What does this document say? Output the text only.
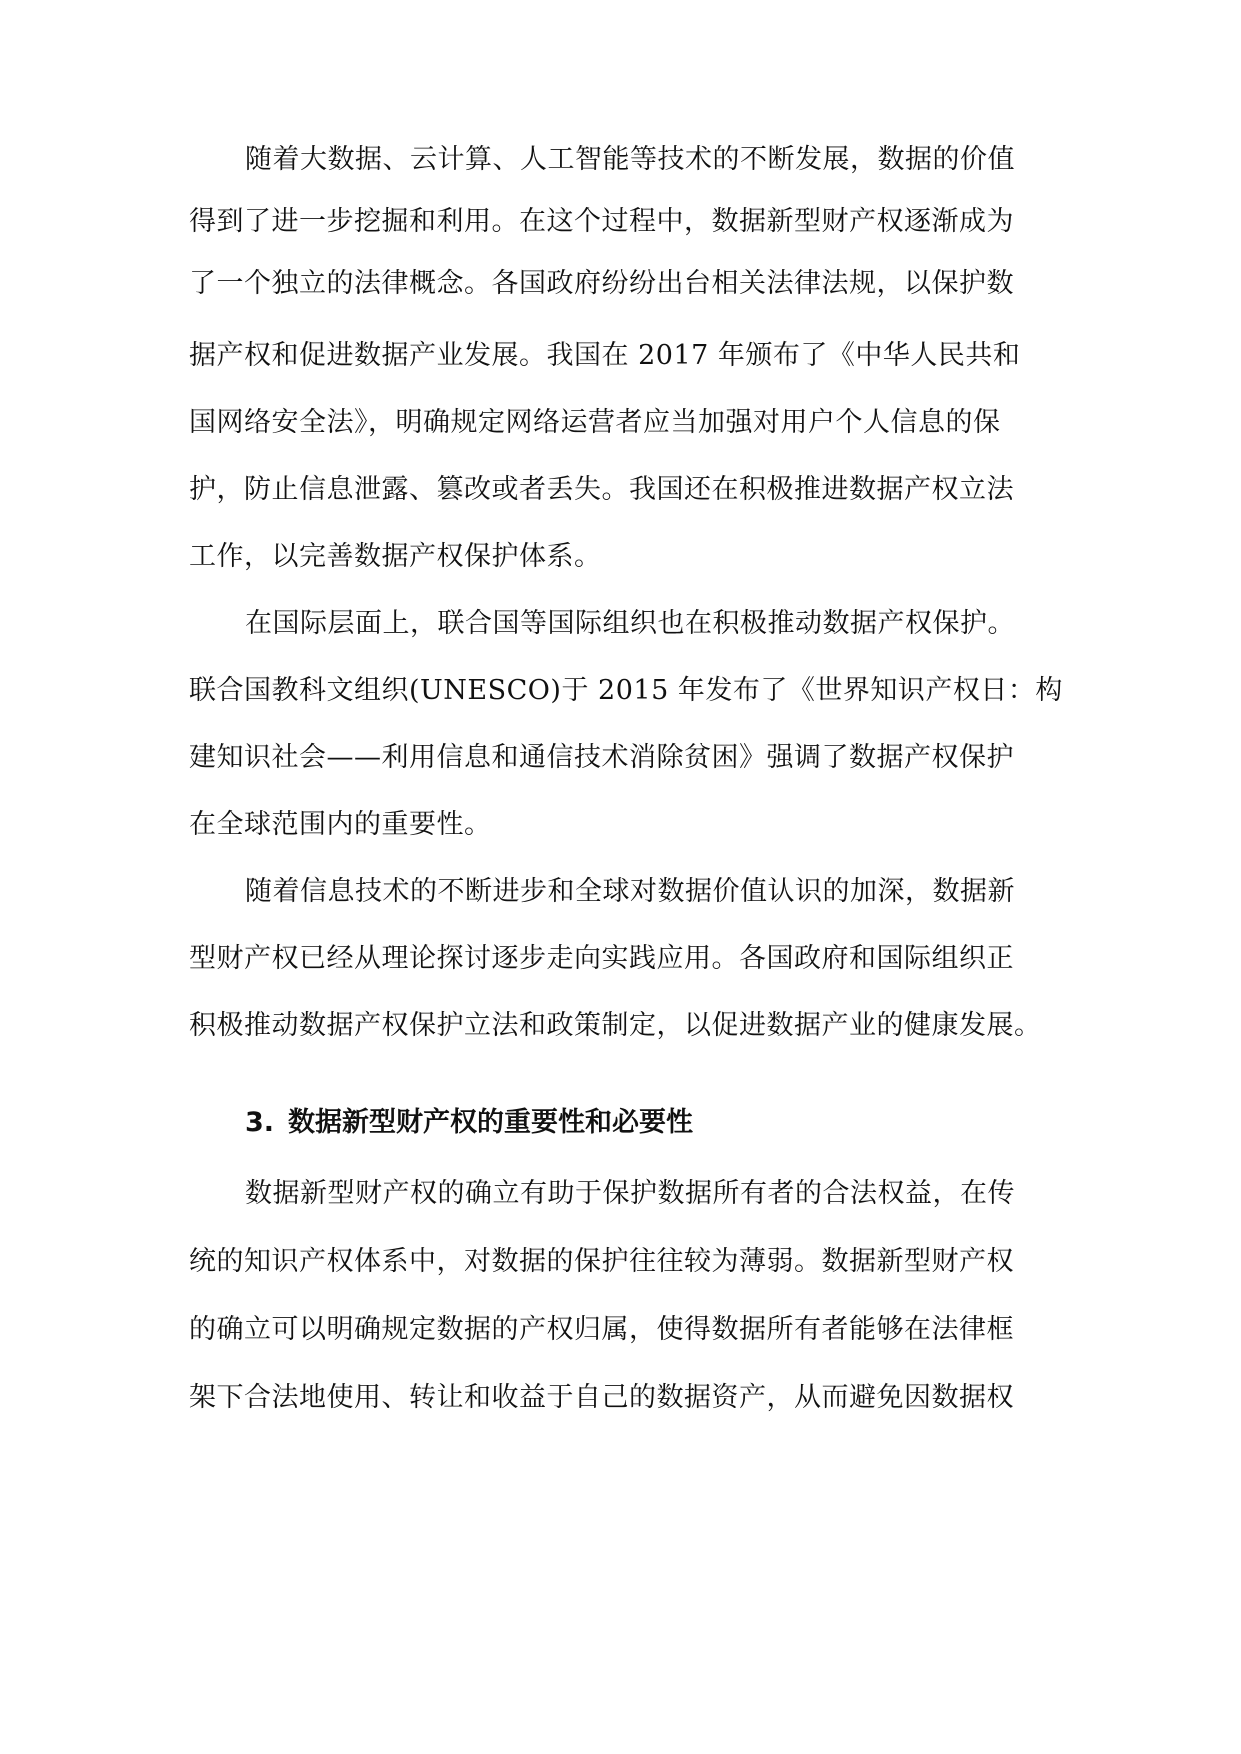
随着大数据、云计算、人工智能等技术的不断发展，数据的价值
得到了进一步挖掘和利用。在这个过程中，数据新型财产权逐渐成为
了一个独立的法律概念。各国政府纷纷出台相关法律法规，以保护数
据产权和促进数据产业发展。我国在 2017 年颁布了《中华人民共和
国网络安全法》，明确规定网络运营者应当加强对用户个人信息的保
护，防止信息泄露、篡改或者丢失。我国还在积极推进数据产权立法
工作，以完善数据产权保护体系。
在国际层面上，联合国等国际组织也在积极推动数据产权保护。
联合国教科文组织(UNESCO)于 2015 年发布了《世界知识产权日：构
建知识社会——利用信息和通信技术消除贫困》强调了数据产权保护
在全球范围内的重要性。
随着信息技术的不断进步和全球对数据价值认识的加深，数据新
型财产权已经从理论探讨逐步走向实践应用。各国政府和国际组织正
积极推动数据产权保护立法和政策制定，以促进数据产业的健康发展。
3. 数据新型财产权的重要性和必要性
数据新型财产权的确立有助于保护数据所有者的合法权益，在传
统的知识产权体系中，对数据的保护往往较为薄弱。数据新型财产权
的确立可以明确规定数据的产权归属，使得数据所有者能够在法律框
架下合法地使用、转让和收益于自己的数据资产，从而避免因数据权
